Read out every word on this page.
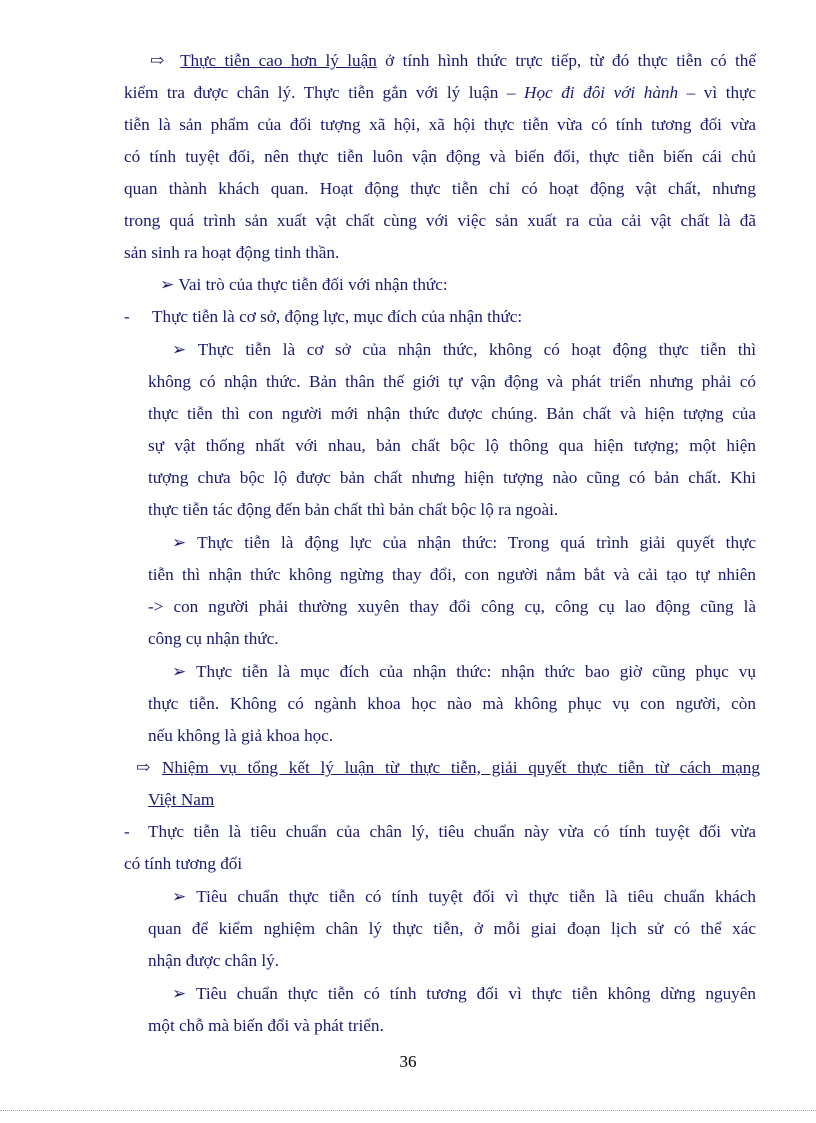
⇨ Thực tiễn cao hơn lý luận ở tính hình thức trực tiếp, từ đó thực tiễn có thể
kiểm tra được chân lý. Thực tiễn gắn với lý luận – Học đi đôi với hành – vì thực
tiễn là sản phẩm của đối tượng xã hội, xã hội thực tiễn vừa có tính tương đối vừa
có tính tuyệt đối, nên thực tiễn luôn vận động và biến đổi, thực tiễn biến cái chủ
quan thành khách quan. Hoạt động thực tiễn chỉ có hoạt động vật chất, nhưng
trong quá trình sản xuất vật chất cùng với việc sản xuất ra của cải vật chất là đã
sản sinh ra hoạt động tinh thần.
➢ Vai trò của thực tiễn đối với nhận thức:
- Thực tiễn là cơ sở, động lực, mục đích của nhận thức:
➢ Thực tiễn là cơ sở của nhận thức, không có hoạt động thực tiễn thì
không có nhận thức. Bản thân thế giới tự vận động và phát triển nhưng phải có
thực tiễn thì con người mới nhận thức được chúng. Bản chất và hiện tượng của
sự vật thống nhất với nhau, bản chất bộc lộ thông qua hiện tượng; một hiện
tượng chưa bộc lộ được bản chất nhưng hiện tượng nào cũng có bản chất. Khi
thực tiễn tác động đến bản chất thì bản chất bộc lộ ra ngoài.
➢ Thực tiễn là động lực của nhận thức: Trong quá trình giải quyết thực
tiễn thì nhận thức không ngừng thay đổi, con người nắm bắt và cải tạo tự nhiên
-> con người phải thường xuyên thay đổi công cụ, công cụ lao động cũng là
công cụ nhận thức.
➢ Thực tiễn là mục đích của nhận thức: nhận thức bao giờ cũng phục vụ
thực tiễn. Không có ngành khoa học nào mà không phục vụ con người, còn
nếu không là giả khoa học.
⇨ Nhiệm vụ tổng kết lý luận từ thực tiễn, giải quyết thực tiễn từ cách mạng
Việt Nam
- Thực tiễn là tiêu chuẩn của chân lý, tiêu chuẩn này vừa có tính tuyệt đối vừa
có tính tương đối
➢ Tiêu chuẩn thực tiễn có tính tuyệt đối vì thực tiễn là tiêu chuẩn khách
quan để kiểm nghiệm chân lý thực tiễn, ở mỗi giai đoạn lịch sử có thể xác
nhận được chân lý.
➢ Tiêu chuẩn thực tiễn có tính tương đối vì thực tiễn không dừng nguyên
một chỗ mà biến đổi và phát triển.
36
